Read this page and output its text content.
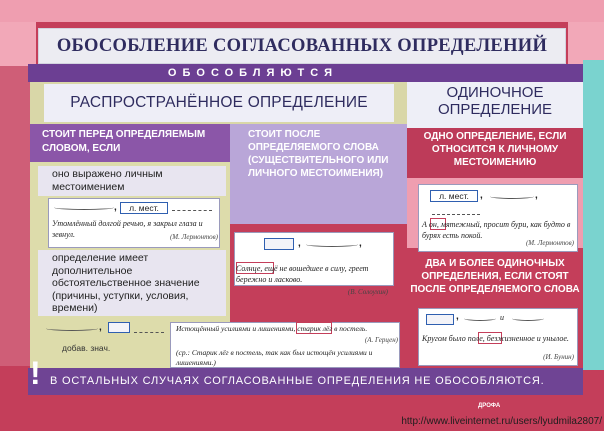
ОБОСОБЛЕНИЕ СОГЛАСОВАННЫХ ОПРЕДЕЛЕНИЙ
ОБОСОБЛЯЮТСЯ
РАСПРОСТРАНЁННОЕ ОПРЕДЕЛЕНИЕ
ОДИНОЧНОЕ ОПРЕДЕЛЕНИЕ
СТОИТ ПЕРЕД ОПРЕДЕЛЯЕМЫМ СЛОВОМ, ЕСЛИ
оно выражено личным местоимением
,	л. мест.
Утомлённый долгой речью, я закрыл глаза и зевнул.	(М. Лермонтов)
определение имеет дополнительное обстоятельственное значение (причины, уступки, условия, времени)
,
добав. знач.
СТОИТ ПОСЛЕ ОПРЕДЕЛЯЕМОГО СЛОВА (СУЩЕСТВИТЕЛЬНОГО ИЛИ ЛИЧНОГО МЕСТОИМЕНИЯ)
,	,
Солнце, ещё не вошедшее в силу, греет бережно и ласково.
(В. Солоухин)
Истощённый усилиями и лишениями, старик лёг в постель.
(А. Герцен)
(ср.: Старик лёг в постель, так как был истощён усилиями и лишениями.)
ОДНО ОПРЕДЕЛЕНИЕ, ЕСЛИ ОТНОСИТСЯ К ЛИЧНОМУ МЕСТОИМЕНИЮ
л. мест.	,	,
А он, мятежный, просит бури, как будто в бурях есть покой.
(М. Лермонтов)
ДВА И БОЛЕЕ ОДИНОЧНЫХ ОПРЕДЕЛЕНИЯ, ЕСЛИ СТОЯТ ПОСЛЕ ОПРЕДЕЛЯЕМОГО СЛОВА
,	и
Кругом было поле, безжизненное и унылое.
(И. Бунин)
! В ОСТАЛЬНЫХ СЛУЧАЯХ СОГЛАСОВАННЫЕ ОПРЕДЕЛЕНИЯ НЕ ОБОСОБЛЯЮТСЯ.
ДРОФА
http://www.liveinternet.ru/users/lyudmila2807/
